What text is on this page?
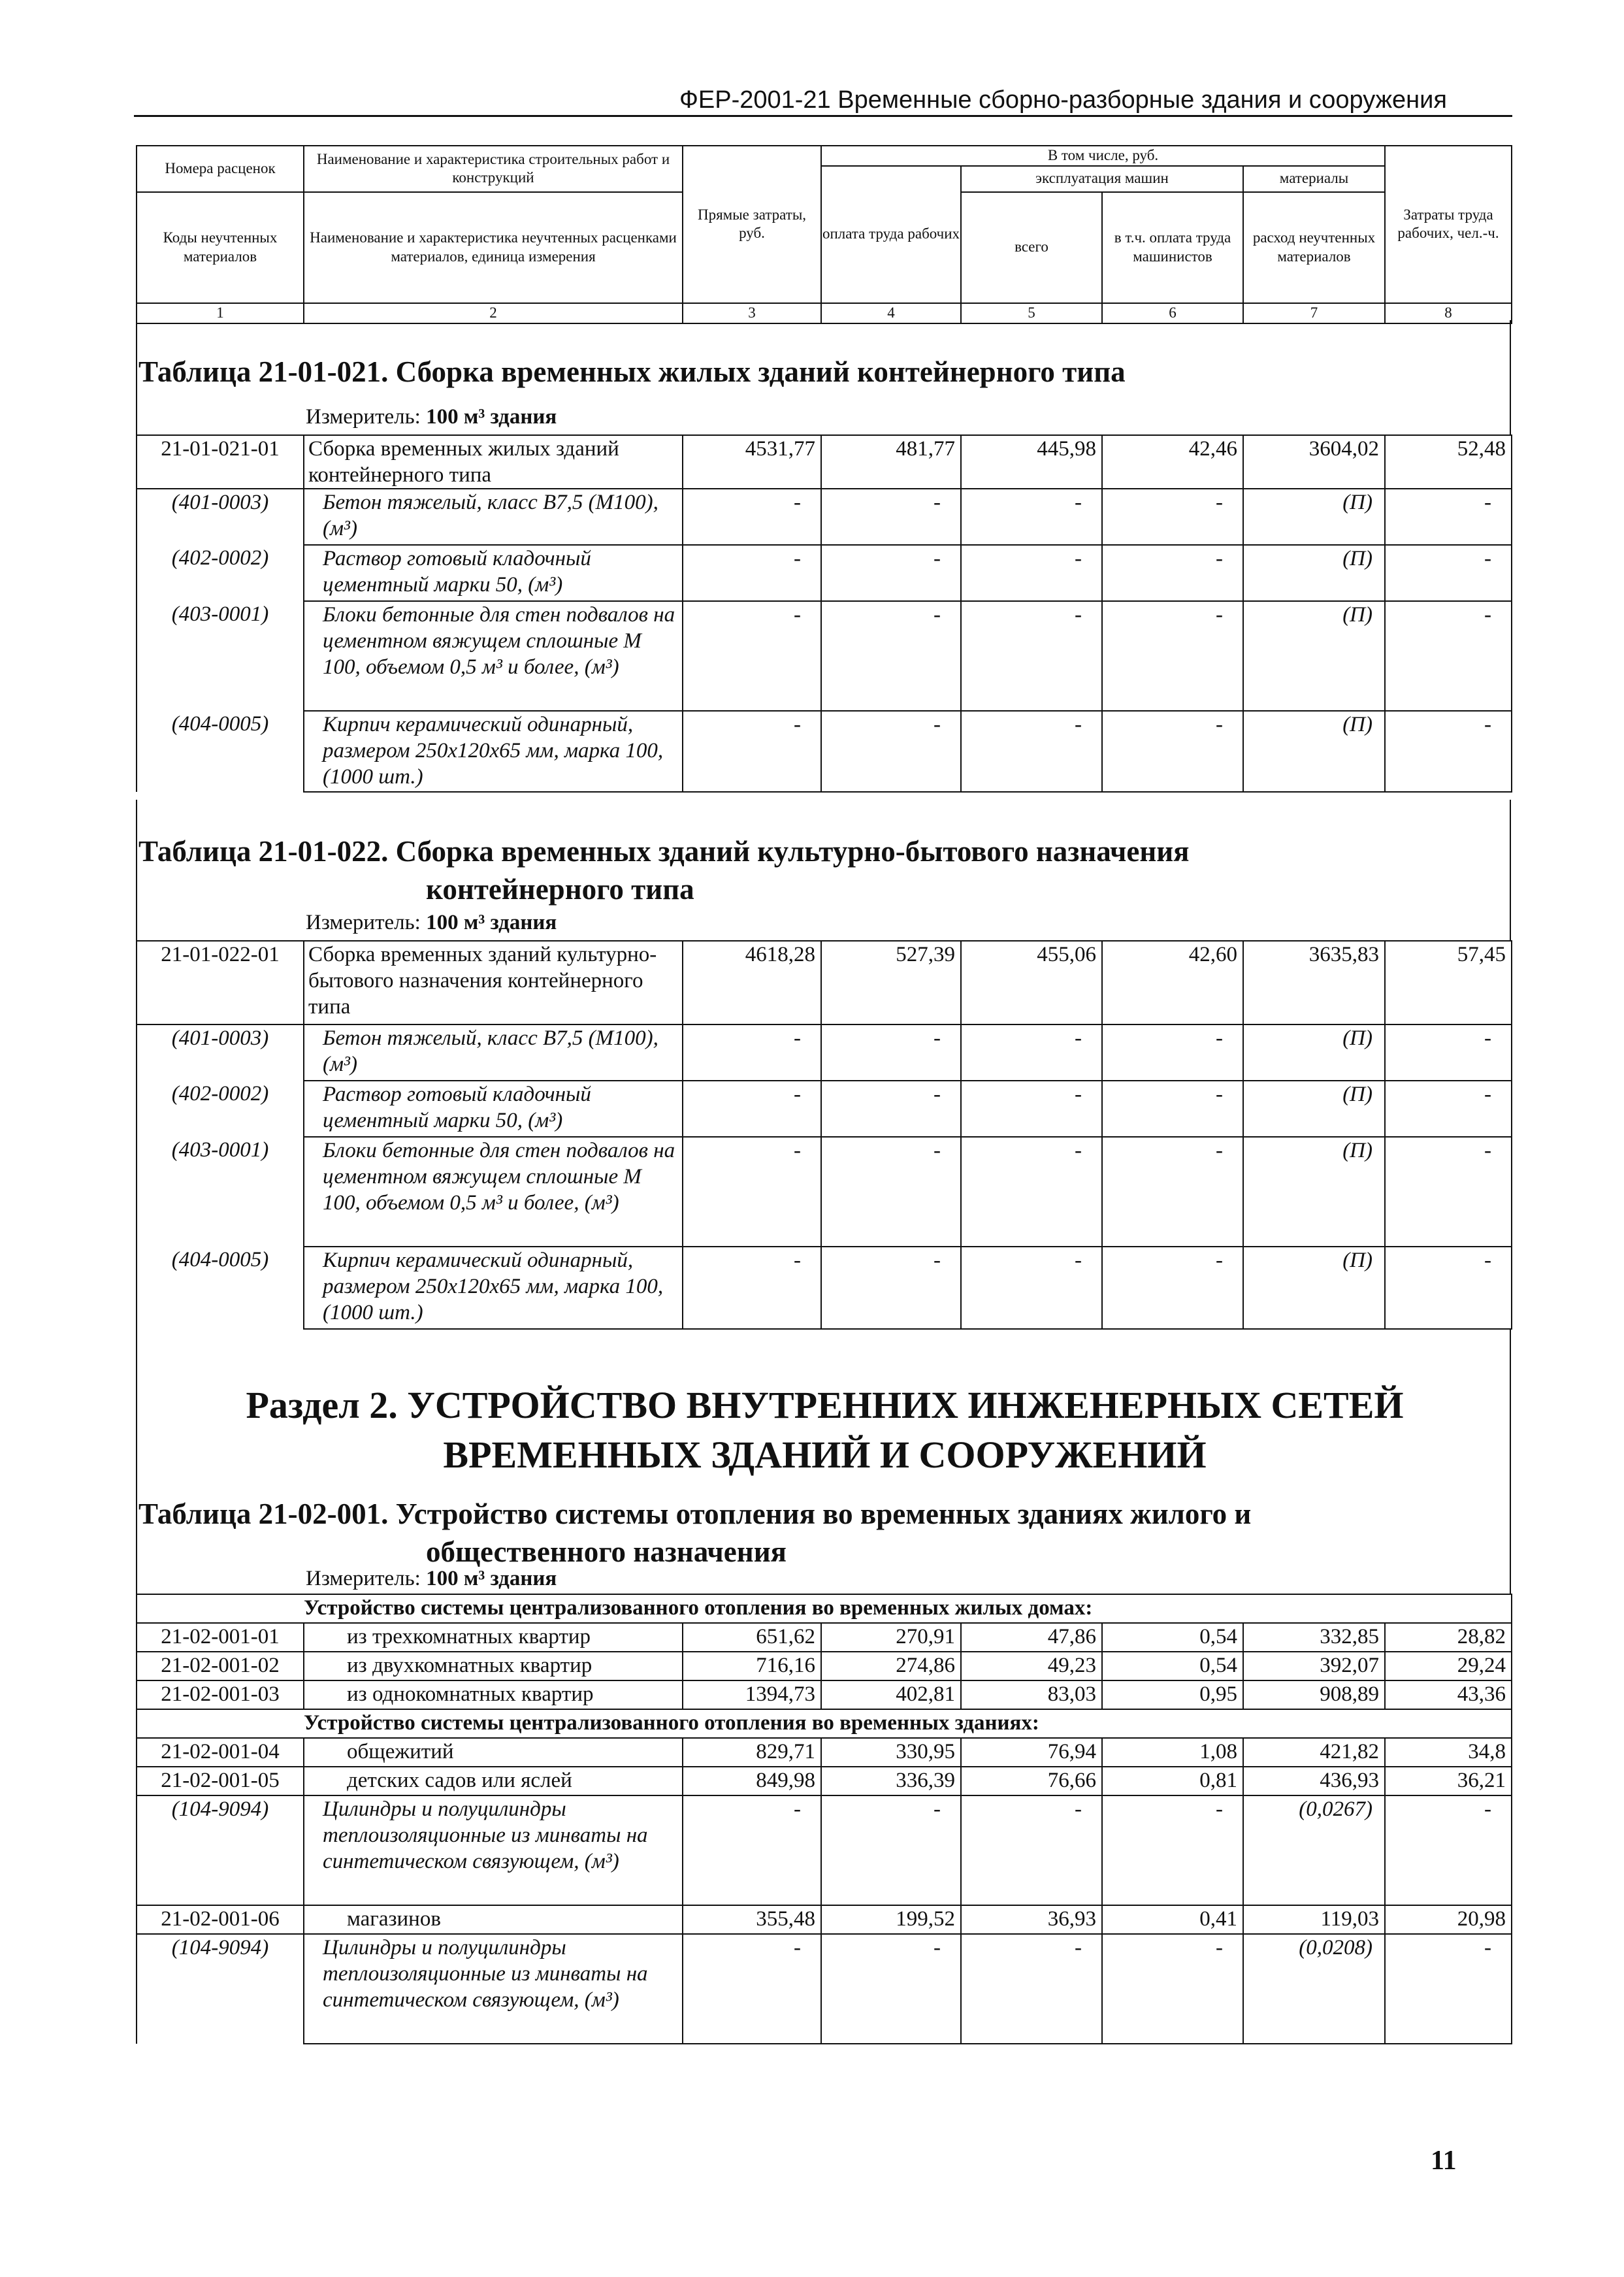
ФЕР-2001-21 Временные сборно-разборные здания и сооружения
Номера расценок	Наименование и характеристика строительных работ и конструкций	Прямые затраты, руб.	В том числе, руб.				Затраты труда рабочих, чел.-ч.
			оплата труда рабочих	эксплуатация машин		материалы	
Коды неучтенных материалов	Наименование и характеристика неучтенных расценками материалов, единица измерения			всего	в т.ч. оплата труда машинистов	расход неучтенных материалов	
1	2	3	4	5	6	7	8
Таблица 21-01-021. Сборка временных жилых зданий контейнерного типа
Измеритель: 100 м³ здания
21-01-021-01	Сборка временных жилых зданий контейнерного типа	4531,77	481,77	445,98	42,46	3604,02	52,48
(401-0003)	Бетон тяжелый, класс В7,5 (М100), (м³)	-	-	-	-	(П)	-
(402-0002)	Раствор готовый кладочный цементный марки 50, (м³)	-	-	-	-	(П)	-
(403-0001)	Блоки бетонные для стен подвалов на цементном вяжущем сплошные М 100, объемом 0,5 м³ и более, (м³)	-	-	-	-	(П)	-
(404-0005)	Кирпич керамический одинарный, размером 250х120х65 мм, марка 100, (1000 шт.)	-	-	-	-	(П)	-
Таблица 21-01-022. Сборка временных зданий культурно-бытового назначения
контейнерного типа
Измеритель: 100 м³ здания
21-01-022-01	Сборка временных зданий культурно-бытового назначения контейнерного типа	4618,28	527,39	455,06	42,60	3635,83	57,45
(401-0003)	Бетон тяжелый, класс В7,5 (М100), (м³)	-	-	-	-	(П)	-
(402-0002)	Раствор готовый кладочный цементный марки 50, (м³)	-	-	-	-	(П)	-
(403-0001)	Блоки бетонные для стен подвалов на цементном вяжущем сплошные М 100, объемом 0,5 м³ и более, (м³)	-	-	-	-	(П)	-
(404-0005)	Кирпич керамический одинарный, размером 250х120х65 мм, марка 100, (1000 шт.)	-	-	-	-	(П)	-
Раздел 2. УСТРОЙСТВО ВНУТРЕННИХ ИНЖЕНЕРНЫХ СЕТЕЙ
ВРЕМЕННЫХ ЗДАНИЙ И СООРУЖЕНИЙ
Таблица 21-02-001. Устройство системы отопления во временных зданиях жилого и
общественного назначения
Измеритель: 100 м³ здания
Устройство системы централизованного отопления во временных жилых домах:							
21-02-001-01	из трехкомнатных квартир	651,62	270,91	47,86	0,54	332,85	28,82
21-02-001-02	из двухкомнатных квартир	716,16	274,86	49,23	0,54	392,07	29,24
21-02-001-03	из однокомнатных квартир	1394,73	402,81	83,03	0,95	908,89	43,36
Устройство системы централизованного отопления во временных зданиях:							
21-02-001-04	общежитий	829,71	330,95	76,94	1,08	421,82	34,8
21-02-001-05	детских садов или яслей	849,98	336,39	76,66	0,81	436,93	36,21
(104-9094)	Цилиндры и полуцилиндры теплоизоляционные из минваты на синтетическом связующем, (м³)	-	-	-	-	(0,0267)	-
21-02-001-06	магазинов	355,48	199,52	36,93	0,41	119,03	20,98
(104-9094)	Цилиндры и полуцилиндры теплоизоляционные из минваты на синтетическом связующем, (м³)	-	-	-	-	(0,0208)	-
11
